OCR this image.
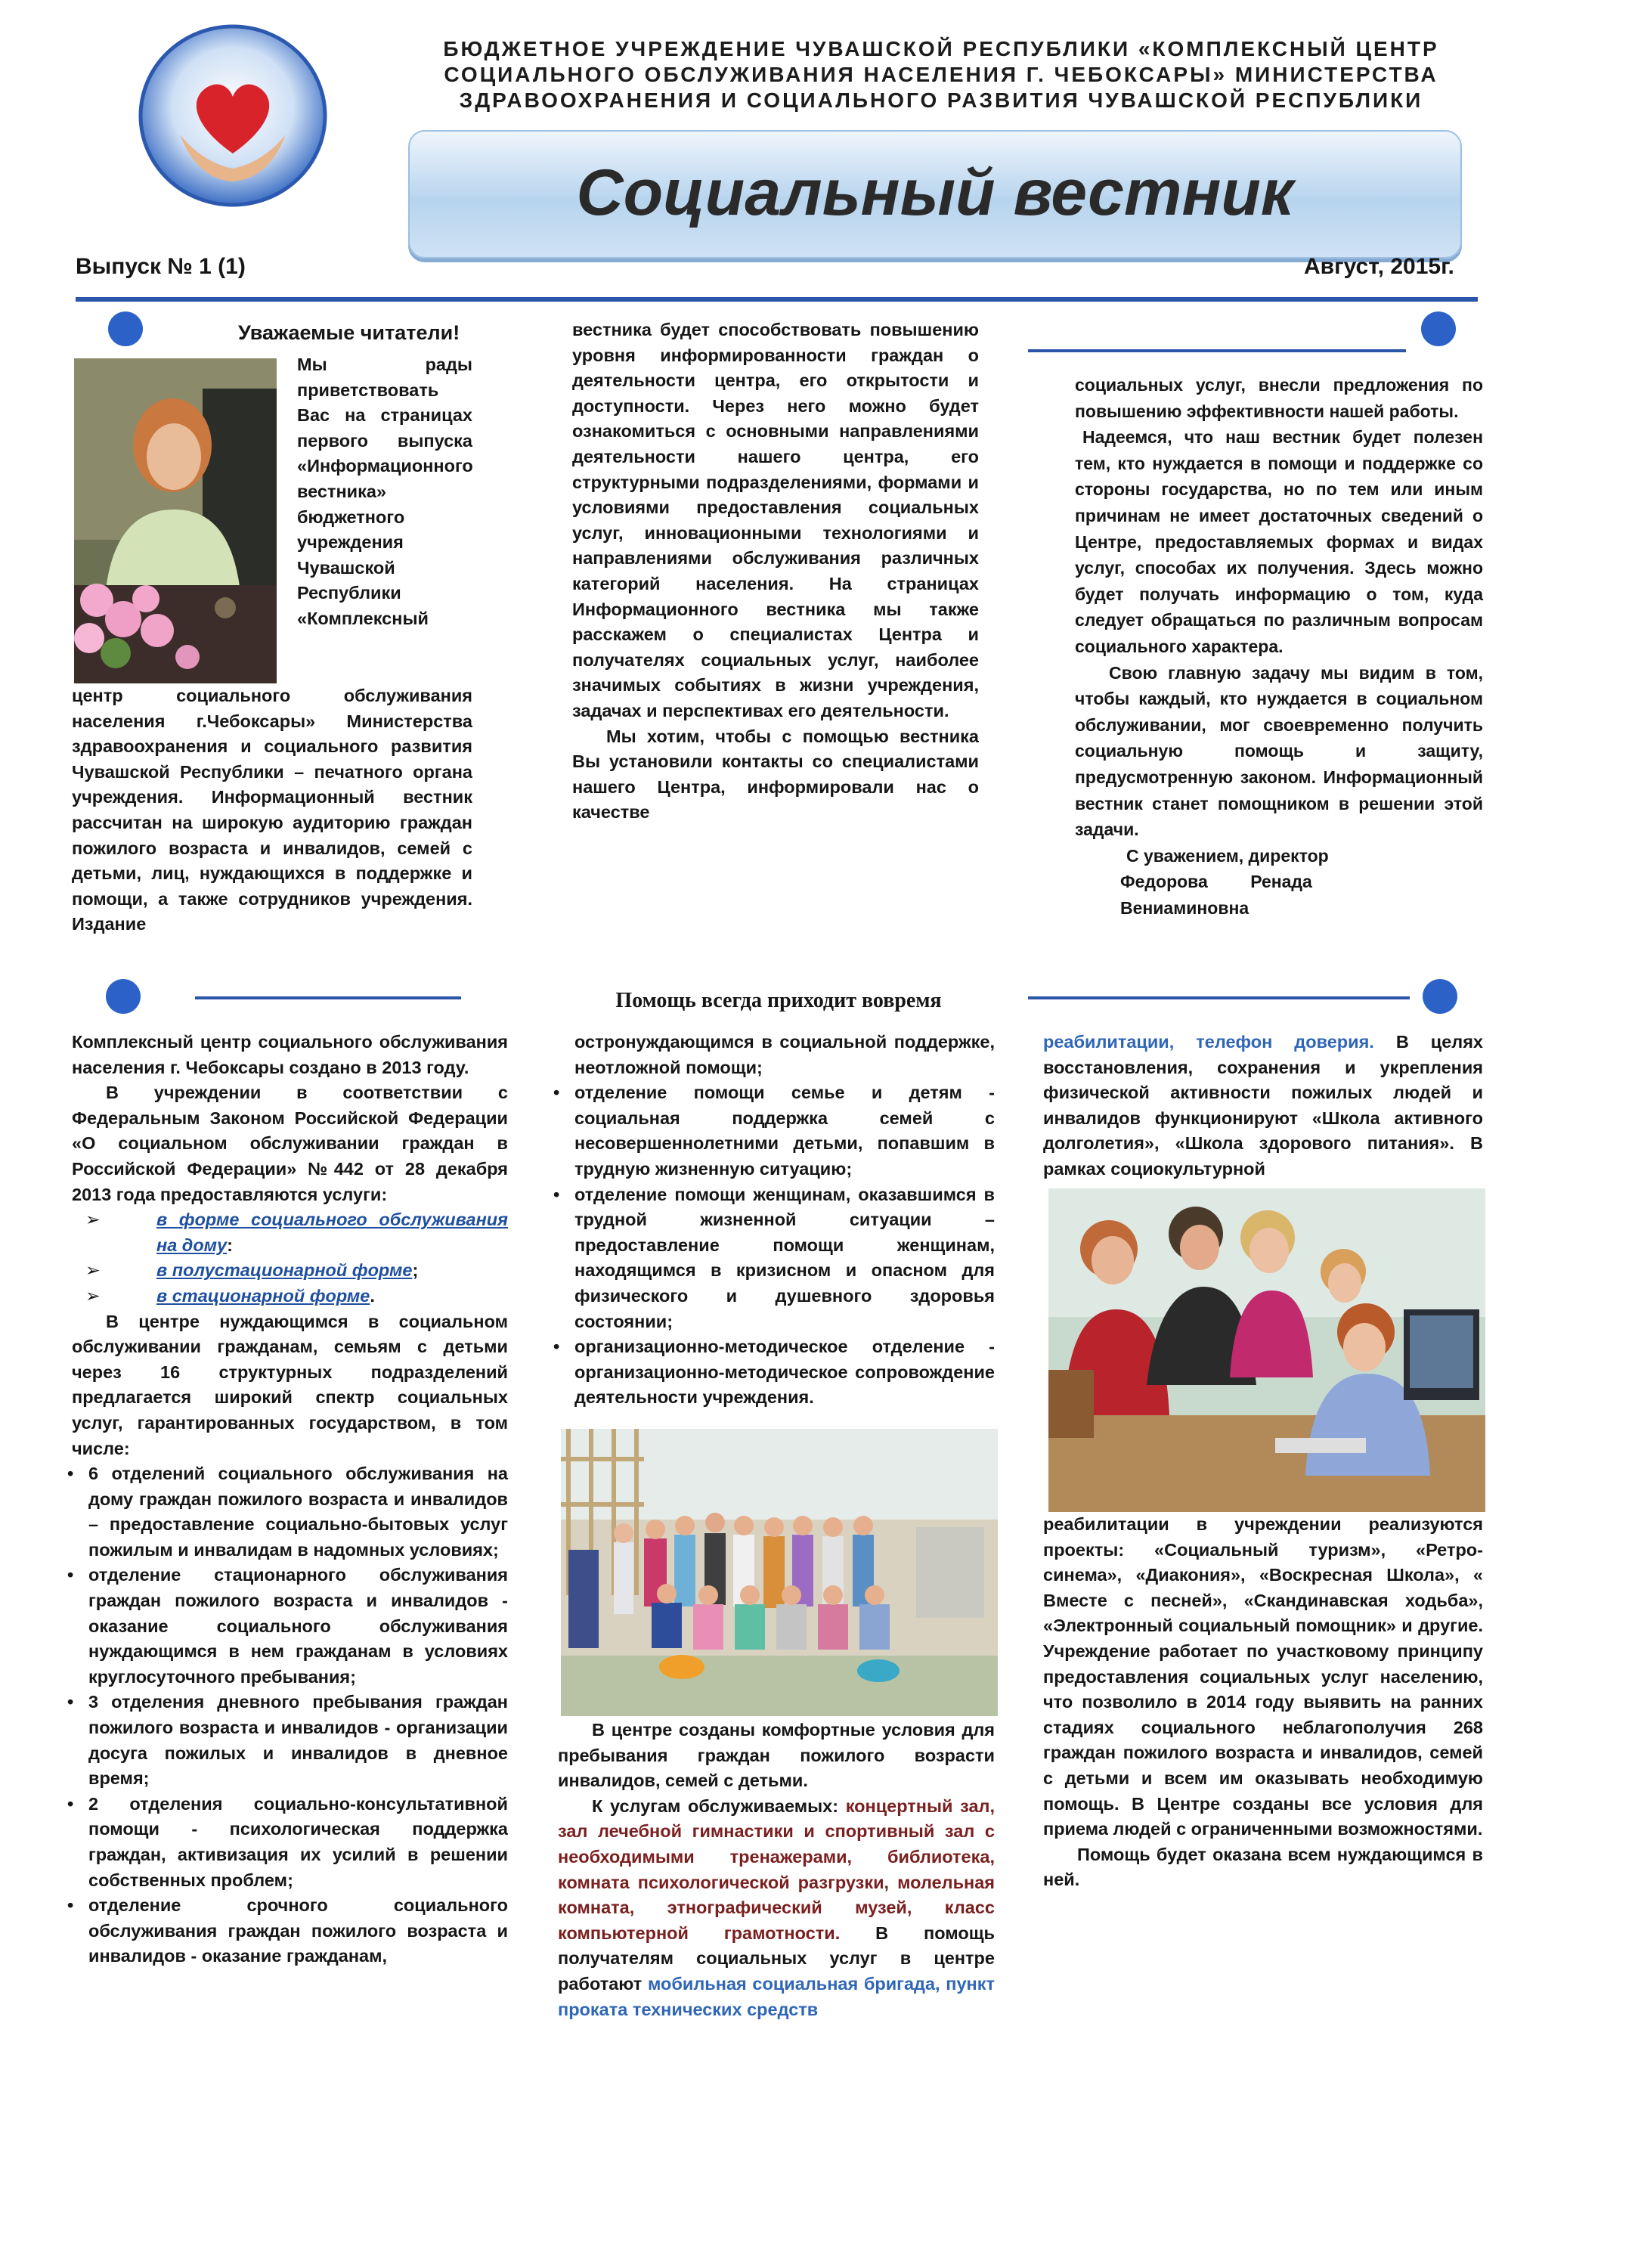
БЮДЖЕТНОЕ УЧРЕЖДЕНИЕ ЧУВАШСКОЙ РЕСПУБЛИКИ «КОМПЛЕКСНЫЙ ЦЕНТР
СОЦИАЛЬНОГО ОБСЛУЖИВАНИЯ НАСЕЛЕНИЯ Г. ЧЕБОКСАРЫ» МИНИСТЕРСТВА
ЗДРАВООХРАНЕНИЯ И СОЦИАЛЬНОГО РАЗВИТИЯ ЧУВАШСКОЙ РЕСПУБЛИКИ
Социальный вестник
Выпуск № 1 (1)	Август, 2015г.
Уважаемые читатели!
Мы рады приветствовать Вас на страницах первого выпуска «Информационного вестника» бюджетного учреждения Чувашской Республики «Комплексный
центр социального обслуживания населения г.Чебоксары» Министерства здравоохранения и социального развития Чувашской Республики – печатного органа учреждения. Информационный вестник рассчитан на широкую аудиторию граждан пожилого возраста и инвалидов, семей с детьми, лиц, нуждающихся в поддержке и помощи, а также сотрудников учреждения. Издание

вестника будет способствовать повышению уровня информированности граждан о деятельности центра, его открытости и доступности. Через него можно будет ознакомиться с основными направлениями деятельности нашего центра, его структурными подразделениями, формами и условиями предоставления социальных услуг, инновационными технологиями и направлениями обслуживания различных категорий населения. На страницах Информационного вестника мы также расскажем о специалистах Центра и получателях социальных услуг, наиболее значимых событиях в жизни учреждения, задачах и перспективах его деятельности.

Мы хотим, чтобы с помощью вестника Вы установили контакты со специалистами нашего Центра, информировали нас о качестве

социальных услуг, внесли предложения по повышению эффективности нашей работы.

Надеемся, что наш вестник будет полезен тем, кто нуждается в помощи и поддержке со стороны государства, но по тем или иным причинам не имеет достаточных сведений о Центре, предоставляемых формах и видах услуг, способах их получения. Здесь можно будет получать информацию о том, куда следует обращаться по различным вопросам социального характера.

Свою главную задачу мы видим в том, чтобы каждый, кто нуждается в социальном обслуживании, мог своевременно получить социальную помощь и защиту, предусмотренную законом. Информационный вестник станет помощником в решении этой задачи.

С уважением, директор

Федорова Ренада Вениаминовна

Помощь всегда приходит вовремя

Комплексный центр социального обслуживания населения г. Чебоксары создано в 2013 году.

В учреждении в соответствии с Федеральным Законом Российской Федерации «О социальном обслуживании граждан в Российской Федерации» №442 от 28 декабря 2013 года предоставляются услуги:

➢ в форме социального обслуживания на дому:
➢ в полустационарной форме;
➢ в стационарной форме.

В центре нуждающимся в социальном обслуживании гражданам, семьям с детьми через 16 структурных подразделений предлагается широкий спектр социальных услуг, гарантированных государством, в том числе:

• 6 отделений социального обслуживания на дому граждан пожилого возраста и инвалидов – предоставление социально-бытовых услуг пожилым и инвалидам в надомных условиях;
• отделение стационарного обслуживания граждан пожилого возраста и инвалидов - оказание социального обслуживания нуждающимся в нем гражданам в условиях круглосуточного пребывания;
• 3 отделения дневного пребывания граждан пожилого возраста и инвалидов - организации досуга пожилых и инвалидов в дневное время;
• 2 отделения социально-консультативной помощи - психологическая поддержка граждан, активизация их усилий в решении собственных проблем;
• отделение срочного социального обслуживания граждан пожилого возраста и инвалидов - оказание гражданам,

остронуждающимся в социальной поддержке, неотложной помощи;

• отделение помощи семье и детям - социальная поддержка семей с несовершеннолетними детьми, попавшим в трудную жизненную ситуацию;
• отделение помощи женщинам, оказавшимся в трудной жизненной ситуации – предоставление помощи женщинам, находящимся в кризисном и опасном для физического и душевного здоровья состоянии;
• организационно-методическое отделение - организационно-методическое сопровождение деятельности учреждения.

В центре созданы комфортные условия для пребывания граждан пожилого возрасти инвалидов, семей с детьми.

К услугам обслуживаемых: концертный зал, зал лечебной гимнастики и спортивный зал с необходимыми тренажерами, библиотека, комната психологической разгрузки, молельная комната, этнографический музей, класс компьютерной грамотности. В помощь получателям социальных услуг в центре работают мобильная социальная бригада, пункт проката технических средств

реабилитации, телефон доверия. В целях восстановления, сохранения и укрепления физической активности пожилых людей и инвалидов функционируют «Школа активного долголетия», «Школа здорового питания». В рамках социокультурной

реабилитации в учреждении реализуются проекты: «Социальный туризм», «Ретро-синема», «Диакония», «Воскресная Школа», « Вместе с песней», «Скандинавская ходьба», «Электронный социальный помощник» и другие. Учреждение работает по участковому принципу предоставления социальных услуг населению, что позволило в 2014 году выявить на ранних стадиях социального неблагополучия 268 граждан пожилого возраста и инвалидов, семей с детьми и всем им оказывать необходимую помощь. В Центре созданы все условия для приема людей с ограниченными возможностями.

Помощь будет оказана всем нуждающимся в ней.
